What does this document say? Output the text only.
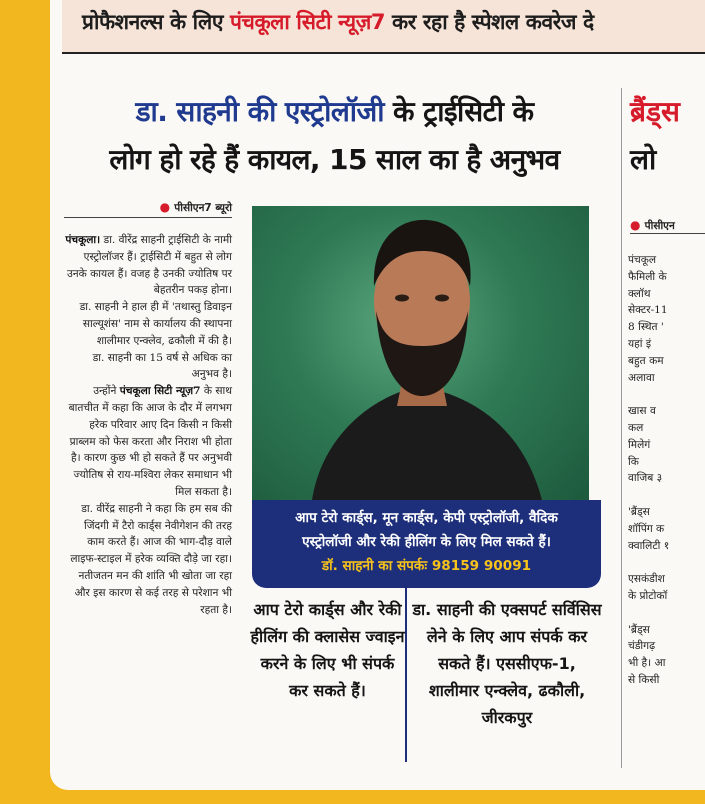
प्रोफैशनल्स के लिए पंचकूला सिटी न्यूज़7 कर रहा है स्पेशल कवरेज दे
डा. साहनी की एस्ट्रोलॉजी के ट्राईसिटी के
लोग हो रहे हैं कायल, 15 साल का है अनुभव
● पीसीएन7 ब्यूरो

पंचकूला। डा. वीरेंद्र साहनी ट्राईसिटी के नामी एस्ट्रोलॉजर हैं। ट्राईसिटी में बहुत से लोग उनके कायल हैं। वजह है उनकी ज्योतिष पर बेहतरीन पकड़ होना।

डा. साहनी ने हाल ही में 'तथास्तु डिवाइन साल्यूशंस' नाम से कार्यालय की स्थापना शालीमार एन्क्लेव, ढकौली में की है।

डा. साहनी का 15 वर्ष से अधिक का अनुभव है।

उन्होंने पंचकूला सिटी न्यूज़7 के साथ बातचीत में कहा कि आज के दौर में लगभग हरेक परिवार आए दिन किसी न किसी प्राब्लम को फेस करता और निराश भी होता है। कारण कुछ भी हो सकते हैं पर अनुभवी ज्योतिष से राय-मश्विरा लेकर समाधान भी मिल सकता है।

डा. वीरेंद्र साहनी ने कहा कि हम सब की जिंदगी में टैरो कार्ड्स नेवीगेशन की तरह काम करते हैं। आज की भाग-दौड़ वाले लाइफ-स्टाइल में हरेक व्यक्ति दौड़े जा रहा। नतीजतन मन की शांति भी खोता जा रहा और इस कारण से कई तरह से परेशान भी रहता है।

आप टेरो कार्ड्स, मून कार्ड्स, केपी एस्ट्रोलॉजी, वैदिक
एस्ट्रोलॉजी और रेकी हीलिंग के लिए मिल सकते हैं।
डॉ. साहनी का संपर्कः 98159 90091
आप टेरो कार्ड्स और रेकी हीलिंग की क्लासेस ज्वाइन करने के लिए भी संपर्क कर सकते हैं।
डा. साहनी की एक्सपर्ट सर्विसिस लेने के लिए आप संपर्क कर सकते हैं। एससीएफ-1, शालीमार एन्क्लेव, ढकौली, जीरकपुर
ब्रैंड्स
लो
● पीसीएन

पंचकूल

फैमिली के

क्लॉथ

सेक्टर-11

8 स्थित '

यहां इं

बहुत कम

अलावा

खास व

कल

मिलेगं

कि

वाजिब ३

'ब्रैंड्स

शॉपिंग क

क्वालिटी १

एसकंडीश

के प्रोटोकॉ

'ब्रैंड्स

चंडीगढ़

भी है। आ

से किसी
